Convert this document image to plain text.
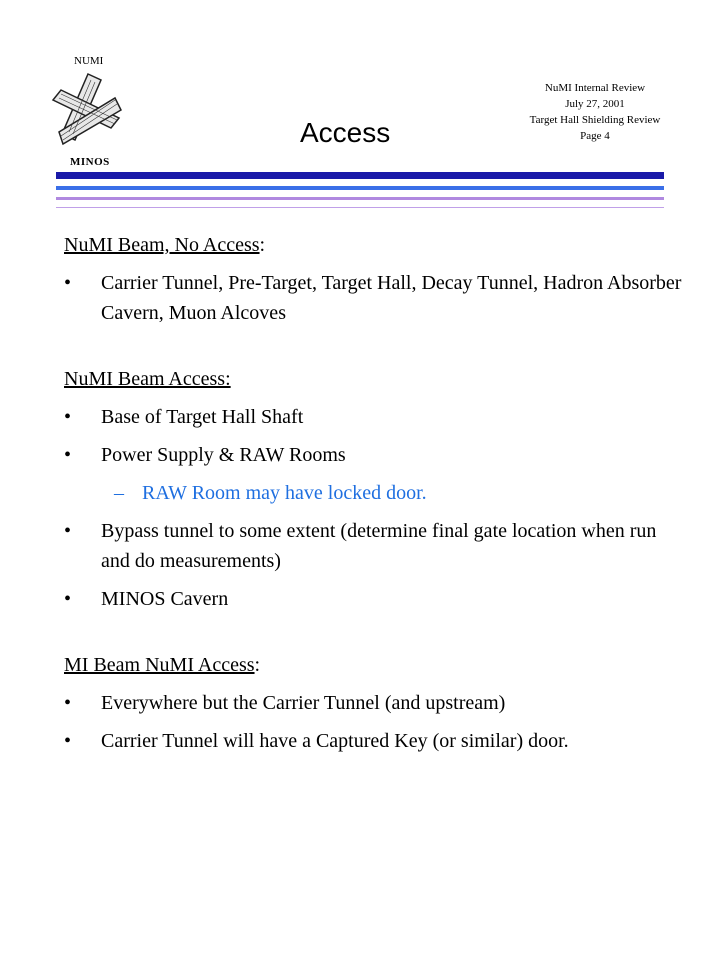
NUMI
MINOS
NuMI Internal Review
July 27, 2001
Target Hall Shielding Review
Page 4
Access

NuMI Beam, No Access:

• Carrier Tunnel, Pre-Target, Target Hall, Decay Tunnel, Hadron Absorber Cavern, Muon Alcoves

NuMI Beam Access:

• Base of Target Hall Shaft

• Power Supply & RAW Rooms

– RAW Room may have locked door.

• Bypass tunnel to some extent (determine final gate location when run and do measurements)

• MINOS Cavern

MI Beam NuMI Access:

• Everywhere but the Carrier Tunnel (and upstream)

• Carrier Tunnel will have a Captured Key (or similar) door.
